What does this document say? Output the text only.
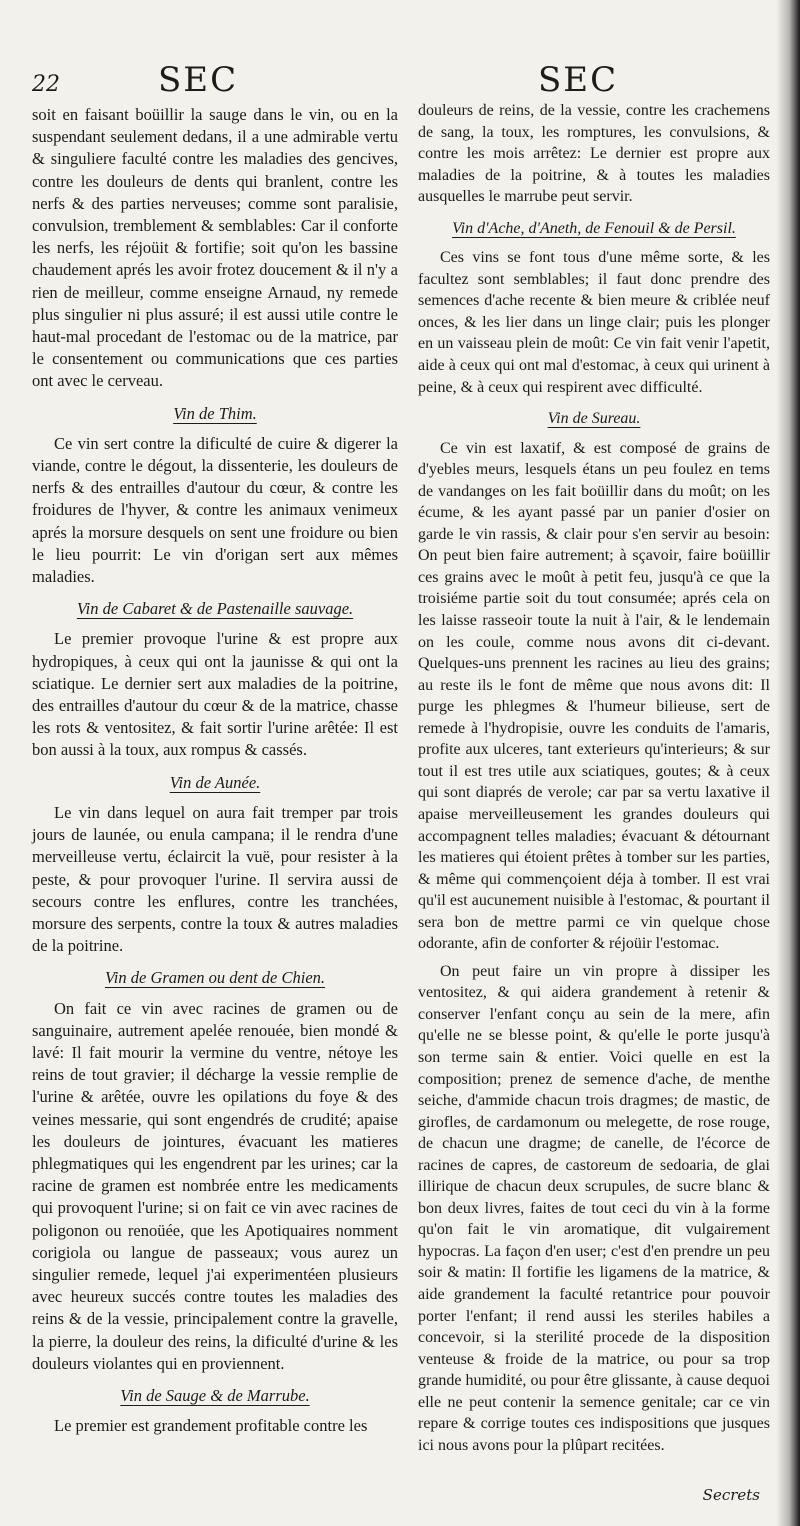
22	SEC	SEC

soit en faisant boüillir la sauge dans le vin, ou en la suspendant seulement dedans, il a une admirable vertu & singuliere faculté contre les maladies des gencives, contre les douleurs de dents qui branlent, contre les nerfs & des parties nerveuses; comme sont paralisie, convulsion, tremblement & semblables: Car il conforte les nerfs, les réjoüit & fortifie; soit qu'on les bassine chaudement aprés les avoir frotez doucement & il n'y a rien de meilleur, comme enseigne Arnaud, ny remede plus singulier ni plus assuré; il est aussi utile contre le haut-mal procedant de l'estomac ou de la matrice, par le consentement ou communications que ces parties ont avec le cerveau.

Vin de Thim.

Ce vin sert contre la dificulté de cuire & digerer la viande, contre le dégout, la dissenterie, les douleurs de nerfs & des entrailles d'autour du cœur, & contre les froidures de l'hyver, & contre les animaux venimeux aprés la morsure desquels on sent une froidure ou bien le lieu pourrit: Le vin d'origan sert aux mêmes maladies.

Vin de Cabaret & de Pastenaille sauvage.

Le premier provoque l'urine & est propre aux hydropiques, à ceux qui ont la jaunisse & qui ont la sciatique. Le dernier sert aux maladies de la poitrine, des entrailles d'autour du cœur & de la matrice, chasse les rots & ventositez, & fait sortir l'urine arêtée: Il est bon aussi à la toux, aux rompus & cassés.

Vin de Aunée.

Le vin dans lequel on aura fait tremper par trois jours de launée, ou enula campana; il le rendra d'une merveilleuse vertu, éclaircit la vuë, pour resister à la peste, & pour provoquer l'urine. Il servira aussi de secours contre les enflures, contre les tranchées, morsure des serpents, contre la toux & autres maladies de la poitrine.

Vin de Gramen ou dent de Chien.

On fait ce vin avec racines de gramen ou de sanguinaire, autrement apelée renouée, bien mondé & lavé: Il fait mourir la vermine du ventre, nétoye les reins de tout gravier; il décharge la vessie remplie de l'urine & arêtée, ouvre les opilations du foye & des veines messarie, qui sont engendrés de crudité; apaise les douleurs de jointures, évacuant les matieres phlegmatiques qui les engendrent par les urines; car la racine de gramen est nombrée entre les medicaments qui provoquent l'urine; si on fait ce vin avec racines de poligonon ou renoüée, que les Apotiquaires nomment corigiola ou langue de passeaux; vous aurez un singulier remede, lequel j'ai experimentéen plusieurs avec heureux succés contre toutes les maladies des reins & de la vessie, principalement contre la gravelle, la pierre, la douleur des reins, la dificulté d'urine & les douleurs violantes qui en proviennent.

Vin de Sauge & de Marrube.

Le premier est grandement profitable contre les

douleurs de reins, de la vessie, contre les crachemens de sang, la toux, les romptures, les convulsions, & contre les mois arrêtez: Le dernier est propre aux maladies de la poitrine, & à toutes les maladies ausquelles le marrube peut servir.

Vin d'Ache, d'Aneth, de Fenouil & de Persil.

Ces vins se font tous d'une même sorte, & les facultez sont semblables; il faut donc prendre des semences d'ache recente & bien meure & criblée neuf onces, & les lier dans un linge clair; puis les plonger en un vaisseau plein de moût: Ce vin fait venir l'apetit, aide à ceux qui ont mal d'estomac, à ceux qui urinent à peine, & à ceux qui respirent avec difficulté.

Vin de Sureau.

Ce vin est laxatif, & est composé de grains de d'yebles meurs, lesquels étans un peu foulez en tems de vandanges on les fait boüillir dans du moût; on les écume, & les ayant passé par un panier d'osier on garde le vin rassis, & clair pour s'en servir au besoin: On peut bien faire autrement; à sçavoir, faire boüillir ces grains avec le moût à petit feu, jusqu'à ce que la troisiéme partie soit du tout consumée; aprés cela on les laisse rasseoir toute la nuit à l'air, & le lendemain on les coule, comme nous avons dit ci-devant. Quelques-uns prennent les racines au lieu des grains; au reste ils le font de même que nous avons dit: Il purge les phlegmes & l'humeur bilieuse, sert de remede à l'hydropisie, ouvre les conduits de l'amaris, profite aux ulceres, tant exterieurs qu'interieurs; & sur tout il est tres utile aux sciatiques, goutes; & à ceux qui sont diaprés de verole; car par sa vertu laxative il apaise merveilleusement les grandes douleurs qui accompagnent telles maladies; évacuant & détournant les matieres qui étoient prêtes à tomber sur les parties, & même qui commençoient déja à tomber. Il est vrai qu'il est aucunement nuisible à l'estomac, & pourtant il sera bon de mettre parmi ce vin quelque chose odorante, afin de conforter & réjoüir l'estomac.

On peut faire un vin propre à dissiper les ventositez, & qui aidera grandement à retenir & conserver l'enfant conçu au sein de la mere, afin qu'elle ne se blesse point, & qu'elle le porte jusqu'à son terme sain & entier. Voici quelle en est la composition; prenez de semence d'ache, de menthe seiche, d'ammide chacun trois dragmes; de mastic, de girofles, de cardamonum ou melegette, de rose rouge, de chacun une dragme; de canelle, de l'écorce de racines de capres, de castoreum de sedoaria, de glai illirique de chacun deux scrupules, de sucre blanc & bon deux livres, faites de tout ceci du vin à la forme qu'on fait le vin aromatique, dit vulgairement hypocras. La façon d'en user; c'est d'en prendre un peu soir & matin: Il fortifie les ligamens de la matrice, & aide grandement la faculté retantrice pour pouvoir porter l'enfant; il rend aussi les steriles habiles a concevoir, si la sterilité procede de la disposition venteuse & froide de la matrice, ou pour sa trop grande humidité, ou pour être glissante, à cause dequoi elle ne peut contenir la semence genitale; car ce vin repare & corrige toutes ces indispositions que jusques ici nous avons pour la plûpart recitées.

Secrets
